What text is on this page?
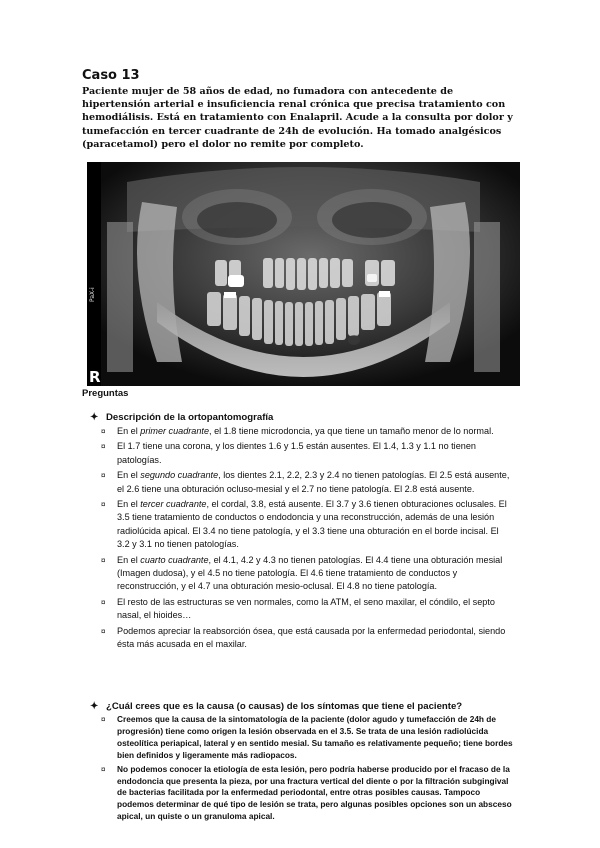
Caso 13

Paciente mujer de 58 años de edad, no fumadora con antecedente de hipertensión arterial e insuficiencia renal crónica que precisa tratamiento con hemodiálisis. Está en tratamiento con Enalapril. Acude a la consulta por dolor y tumefacción en tercer cuadrante de 24h de evolución. Ha tomado analgésicos (paracetamol) pero el dolor no remite por completo.

PaX-i
R
Preguntas
✦ Descripción de la ortopantomografía
¤	En el primer cuadrante, el 1.8 tiene microdoncia, ya que tiene un tamaño menor de lo normal.
¤	El 1.7 tiene una corona, y los dientes 1.6 y 1.5 están ausentes. El 1.4, 1.3 y 1.1 no tienen patologías.
¤	En el segundo cuadrante, los dientes 2.1, 2.2, 2.3 y 2.4 no tienen patologías. El 2.5 está ausente, el 2.6 tiene una obturación ocluso-mesial y el 2.7 no tiene patología. El 2.8 está ausente.
¤	En el tercer cuadrante, el cordal, 3.8, está ausente. El 3.7 y 3.6 tienen obturaciones oclusales. El 3.5 tiene tratamiento de conductos o endodoncia y una reconstrucción, además de una lesión radiolúcida apical. El 3.4 no tiene patología, y el 3.3 tiene una obturación en el borde incisal. El 3.2 y 3.1 no tienen patologías.
¤	En el cuarto cuadrante, el 4.1, 4.2 y 4.3 no tienen patologías. El 4.4 tiene una obturación mesial (Imagen dudosa), y el 4.5 no tiene patología. El 4.6 tiene tratamiento de conductos y reconstrucción, y el 4.7 una obturación mesio-oclusal. El 4.8 no tiene patología.
¤	El resto de las estructuras se ven normales, como la ATM, el seno maxilar, el cóndilo, el septo nasal, el hioides…
¤	Podemos apreciar la reabsorción ósea, que está causada por la enfermedad periodontal, siendo ésta más acusada en el maxilar.
✦ ¿Cuál crees que es la causa (o causas) de los síntomas que tiene el paciente?
¤	Creemos que la causa de la sintomatología de la paciente (dolor agudo y tumefacción de 24h de progresión) tiene como origen la lesión observada en el 3.5. Se trata de una lesión radiolúcida osteolítica periapical, lateral y en sentido mesial. Su tamaño es relativamente pequeño; tiene bordes bien definidos y ligeramente más radiopacos.
¤	No podemos conocer la etiología de esta lesión, pero podría haberse producido por el fracaso de la endodoncia que presenta la pieza, por una fractura vertical del diente o por la filtración subgingival de bacterias facilitada por la enfermedad periodontal, entre otras posibles causas. Tampoco podemos determinar de qué tipo de lesión se trata, pero algunas posibles opciones son un absceso apical, un quiste o un granuloma apical.
